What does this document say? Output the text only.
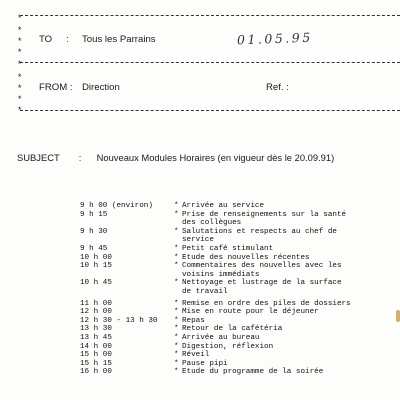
*
*
*
*
*
*
*
*
*
TO : Tous les Parrains	01.05.95
FROM : Direction	Ref. :
SUBJECT : Nouveaux Modules Horaires (en vigueur dès le 20.09.91)
9 h 00 (environ)	* Arrivée au service
9 h 15	* Prise de renseignements sur la santé
des collègues
9 h 30	* Salutations et respects au chef de
service
9 h 45	* Petit café stimulant
10 h 00	* Etude des nouvelles récentes
10 h 15	* Commentaires des nouvelles avec les
voisins immédiats
10 h 45	* Nettoyage et lustrage de la surface
de travail
11 h 00	* Remise en ordre des piles de dossiers
12 h 00	* Mise en route pour le déjeuner
12 h 30 - 13 h 30	* Repas
13 h 30	* Retour de la cafétéria
13 h 45	* Arrivée au bureau
14 h 00	* Digestion, réflexion
15 h 00	* Réveil
15 h 15	* Pause pipi
16 h 00	* Etude du programme de la soirée
